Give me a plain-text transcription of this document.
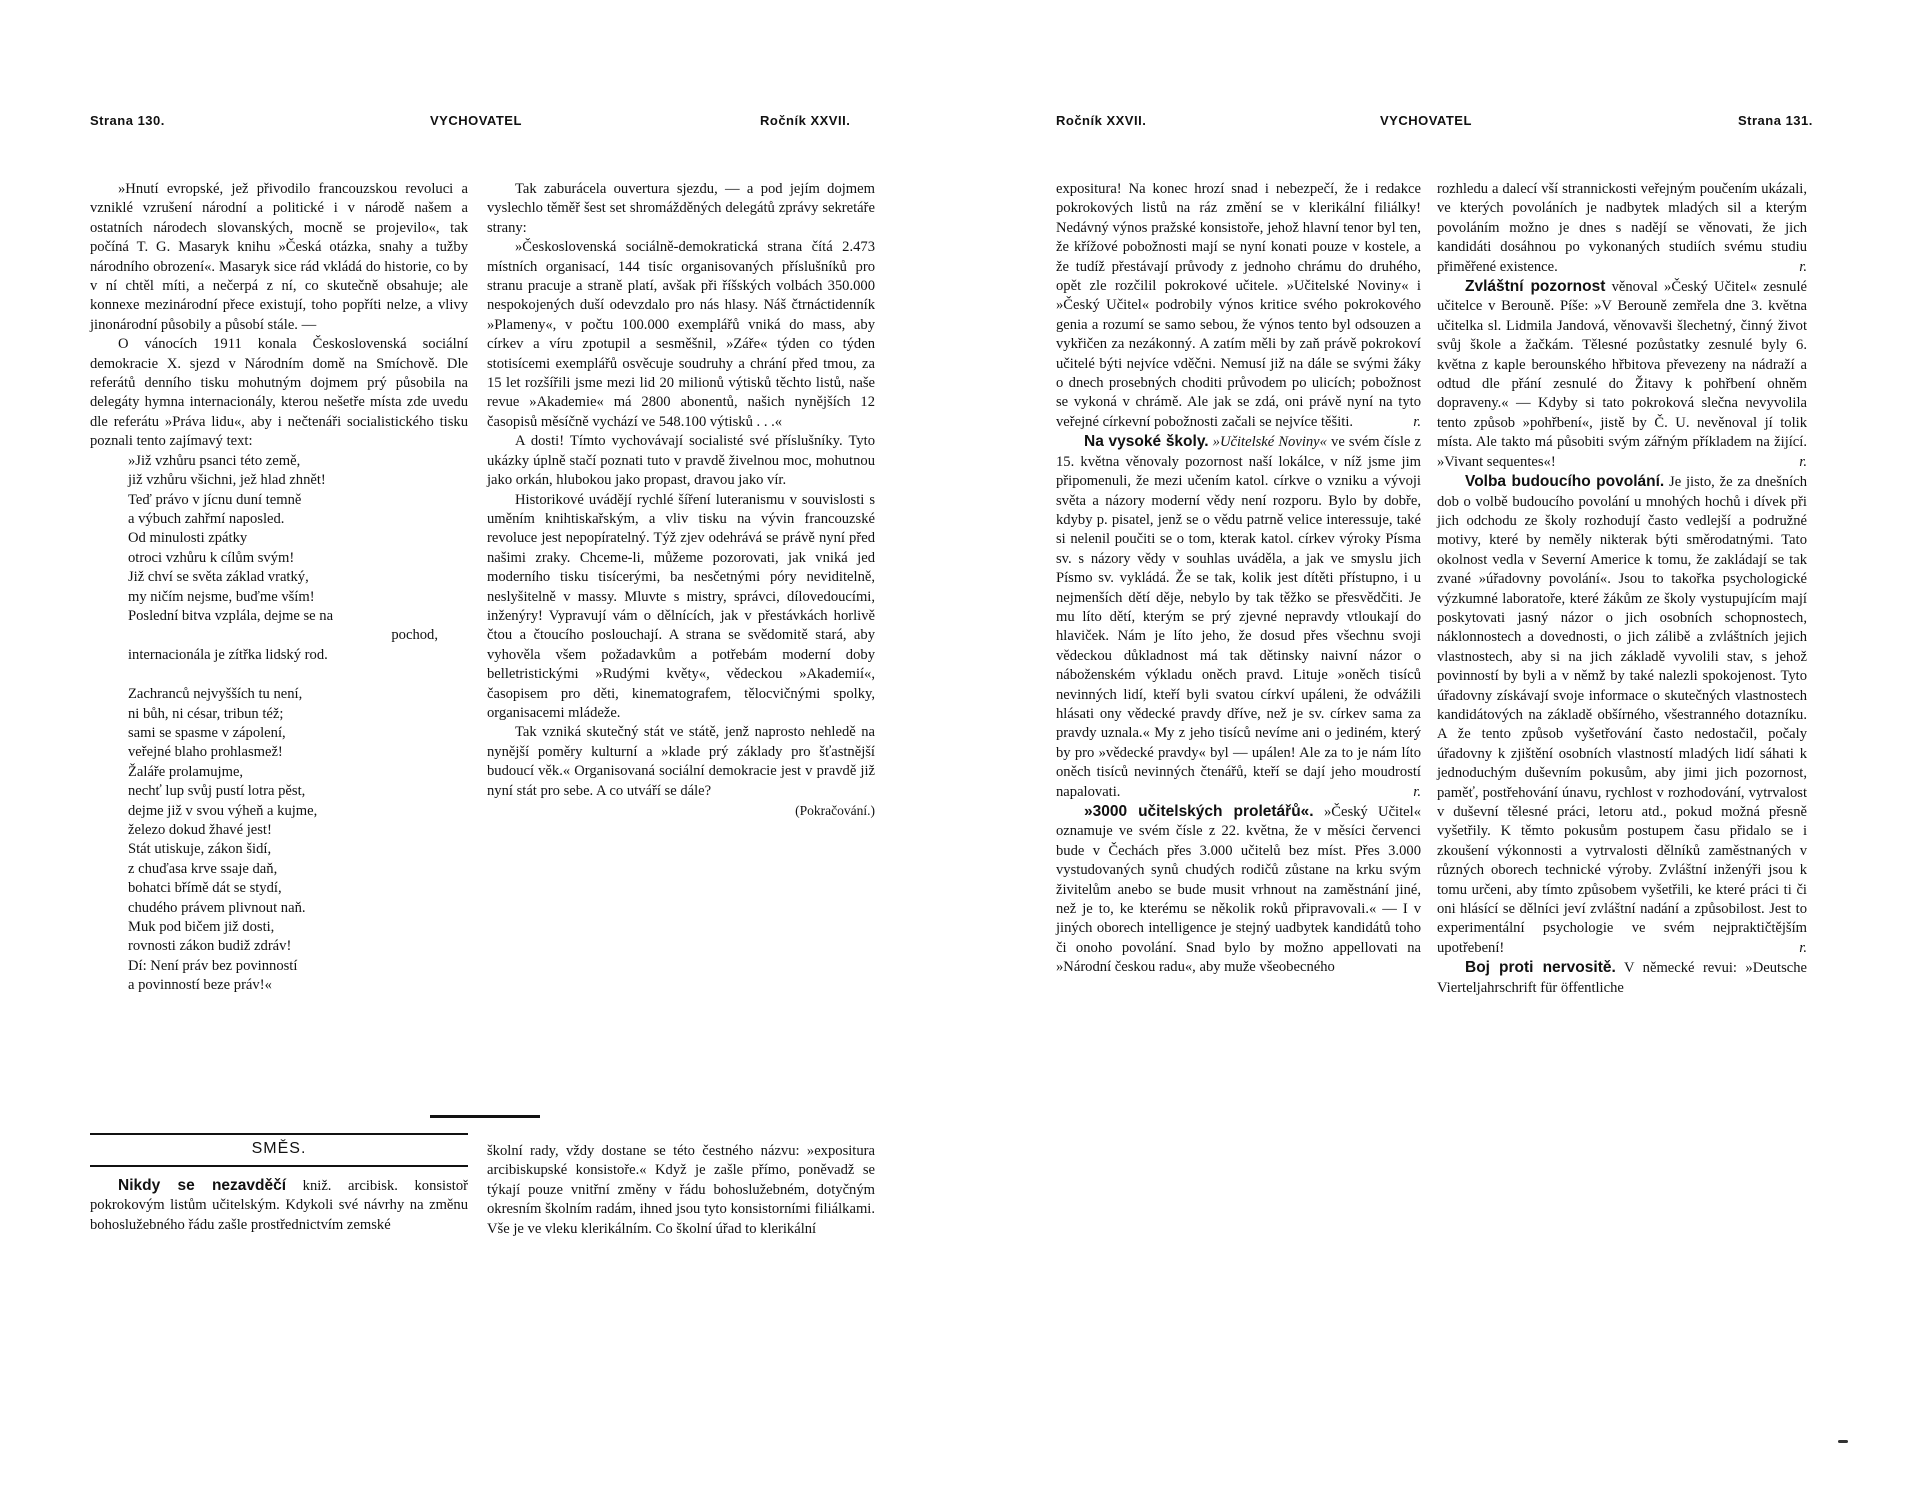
Strana 130.	VYCHOVATEL	Ročník XXVII.

»Hnutí evropské, jež přivodilo francouzskou revoluci a vzniklé vzrušení národní a politické i v národě našem a ostatních národech slovanských, mocně se projevilo«, tak počíná T. G. Masaryk knihu »Česká otázka, snahy a tužby národního obrození«. Masaryk sice rád vkládá do historie, co by v ní chtěl míti, a nečerpá z ní, co skutečně obsahuje; ale konnexe mezinárodní přece existují, toho popříti nelze, a vlivy jinonárodní působily a působí stále. —

O vánocích 1911 konala Československá sociální demokracie X. sjezd v Národním domě na Smíchově. Dle referátů denního tisku mohutným dojmem prý působila na delegáty hymna internacionály, kterou nešetře místa zde uvedu dle referátu »Práva lidu«, aby i nečtenáři socialistického tisku poznali tento zajímavý text:

»Již vzhůru psanci této země,
již vzhůru všichni, jež hlad zhnět!
Teď právo v jícnu duní temně
a výbuch zahřmí naposled.
Od minulosti zpátky
otroci vzhůru k cílům svým!
Již chví se světa základ vratký,
my ničím nejsme, buďme vším!
Poslední bitva vzplála, dejme se na
pochod,
internacionála je zítřka lidský rod.
Zachranců nejvyšších tu není,
ni bůh, ni césar, tribun též;
sami se spasme v zápolení,
veřejné blaho prohlasmež!
Žaláře prolamujme,
nechť lup svůj pustí lotra pěst,
dejme již v svou výheň a kujme,
železo dokud žhavé jest!
Stát utiskuje, zákon šidí,
z chuďasa krve ssaje daň,
bohatci břímě dát se stydí,
chudého právem plivnout naň.
Muk pod bičem již dosti,
rovnosti zákon budiž zdráv!
Dí: Není práv bez povinností
a povinností beze práv!«

Tak zaburácela ouvertura sjezdu, — a pod jejím dojmem vyslechlo těměř šest set shromážděných delegátů zprávy sekretáře strany:

»Československá sociálně-demokratická strana čítá 2.473 místních organisací, 144 tisíc organisovaných příslušníků pro stranu pracuje a straně platí, avšak při říšských volbách 350.000 nespokojených duší odevzdalo pro nás hlasy. Náš čtrnáctidenník »Plameny«, v počtu 100.000 exemplářů vniká do mass, aby církev a víru zpotupil a sesměšnil, »Záře« týden co týden stotisícemi exemplářů osvěcuje soudruhy a chrání před tmou, za 15 let rozšířili jsme mezi lid 20 milionů výtisků těchto listů, naše revue »Akademie« má 2800 abonentů, našich nynějších 12 časopisů měsíčně vychází ve 548.100 výtisků . . .«

A dosti! Tímto vychovávají socialisté své příslušníky. Tyto ukázky úplně stačí poznati tuto v pravdě živelnou moc, mohutnou jako orkán, hlubokou jako propast, dravou jako vír.

Historikové uvádějí rychlé šíření luteranismu v souvislosti s uměním knihtiskařským, a vliv tisku na vývin francouzské revoluce jest nepopíratelný. Týž zjev odehrává se právě nyní před našimi zraky. Chceme-li, můžeme pozorovati, jak vniká jed moderního tisku tisícerými, ba nesčetnými póry neviditelně, neslyšitelně v massy. Mluvte s mistry, správci, dílovedoucími, inženýry! Vypravují vám o dělnících, jak v přestávkách horlivě čtou a čtoucího poslouchají. A strana se svědomitě stará, aby vyhověla všem požadavkům a potřebám moderní doby belletristickými »Rudými květy«, vědeckou »Akademií«, časopisem pro děti, kinematografem, tělocvičnými spolky, organisacemi mládeže.

Tak vzniká skutečný stát ve státě, jenž naprosto nehledě na nynější poměry kulturní a »klade prý základy pro šťastnější budoucí věk.« Organisovaná sociální demokracie jest v pravdě již nyní stát pro sebe. A co utváří se dále?

(Pokračování.)
SMĚS.

Nikdy se nezavděčí kniž. arcibisk. konsistoř pokrokovým listům učitelským. Kdykoli své návrhy na změnu bohoslužebného řádu zašle prostřednictvím zemské

školní rady, vždy dostane se této čestného názvu: »expositura arcibiskupské konsistoře.« Když je zašle přímo, poněvadž se týkají pouze vnitřní změny v řádu bohoslužebném, dotyčným okresním školním radám, ihned jsou tyto konsistorními filiálkami. Vše je ve vleku klerikálním. Co školní úřad to klerikální

Ročník XXVII.	VYCHOVATEL	Strana 131.

expositura! Na konec hrozí snad i nebezpečí, že i redakce pokrokových listů na ráz změní se v klerikální filiálky! Nedávný výnos pražské konsistoře, jehož hlavní tenor byl ten, že křížové pobožnosti mají se nyní konati pouze v kostele, a že tudíž přestávají průvody z jednoho chrámu do druhého, opět zle rozčilil pokrokové učitele. »Učitelské Noviny« i »Český Učitel« podrobily výnos kritice svého pokrokového genia a rozumí se samo sebou, že výnos tento byl odsouzen a vykřičen za nezákonný. A zatím měli by zaň právě pokrokoví učitelé býti nejvíce vděčni. Nemusí již na dále se svými žáky o dnech prosebných choditi průvodem po ulicích; pobožnost se vykoná v chrámě. Ale jak se zdá, oni právě nyní na tyto veřejné církevní pobožnosti začali se nejvíce těšiti.	r.

Na vysoké školy. »Učitelské Noviny« ve svém čísle z 15. května věnovaly pozornost naší lokálce, v níž jsme jim připomenuli, že mezi učením katol. církve o vzniku a vývoji světa a názory moderní vědy není rozporu. Bylo by dobře, kdyby p. pisatel, jenž se o vědu patrně velice interessuje, také si nelenil poučiti se o tom, kterak katol. církev výroky Písma sv. s názory vědy v souhlas uváděla, a jak ve smyslu jich Písmo sv. vykládá. Že se tak, kolik jest dítěti přístupno, i u nejmenších dětí děje, nebylo by tak těžko se přesvědčiti. Je mu líto dětí, kterým se prý zjevné nepravdy vtloukají do hlaviček. Nám je líto jeho, že dosud přes všechnu svoji vědeckou důkladnost má tak dětinsky naivní názor o náboženském výkladu oněch pravd. Lituje »oněch tisíců nevinných lidí, kteří byli svatou církví upáleni, že odvážili hlásati ony vědecké pravdy dříve, než je sv. církev sama za pravdy uznala.« My z jeho tisíců nevíme ani o jediném, který by pro »vědecké pravdy« byl — upálen! Ale za to je nám líto oněch tisíců nevinných čtenářů, kteří se dají jeho moudrostí napalovati.	r.

»3000 učitelských proletářů«. »Český Učitel« oznamuje ve svém čísle z 22. května, že v měsíci červenci bude v Čechách přes 3.000 učitelů bez míst. Přes 3.000 vystudovaných synů chudých rodičů zůstane na krku svým živitelům anebo se bude musit vrhnout na zaměstnání jiné, než je to, ke kterému se několik roků připravovali.« — I v jiných oborech intelligence je stejný uadbytek kandidátů toho či onoho povolání. Snad bylo by možno appellovati na »Národní českou radu«, aby muže všeobecného

rozhledu a dalecí vší strannickosti veřejným poučením ukázali, ve kterých povoláních je nadbytek mladých sil a kterým povoláním možno je dnes s nadějí se věnovati, že jich kandidáti dosáhnou po vykonaných studiích svému studiu přiměřené existence.	r.

Zvláštní pozornost věnoval »Český Učitel« zesnulé učitelce v Berouně. Píše: »V Berouně zemřela dne 3. května učitelka sl. Lidmila Jandová, věnovavši šlechetný, činný život svůj škole a žačkám. Tělesné pozůstatky zesnulé byly 6. května z kaple berounského hřbitova převezeny na nádraží a odtud dle přání zesnulé do Žitavy k pohřbení ohněm dopraveny.« — Kdyby si tato pokroková slečna nevyvolila tento způsob »pohřbení«, jistě by Č. U. nevěnoval jí tolik místa. Ale takto má působiti svým zářným příkladem na žijící. »Vivant sequentes«!	r.

Volba budoucího povolání. Je jisto, že za dnešních dob o volbě budoucího povolání u mnohých hochů i dívek při jich odchodu ze školy rozhodují často vedlejší a podružné motivy, které by neměly nikterak býti směrodatnými. Tato okolnost vedla v Severní Americe k tomu, že zakládají se tak zvané »úřadovny povolání«. Jsou to takořka psychologické výzkumné laboratoře, které žákům ze školy vystupujícím mají poskytovati jasný názor o jich osobních schopnostech, náklonnostech a dovednosti, o jich zálibě a zvláštních jejich vlastnostech, aby si na jich základě vyvolili stav, s jehož povinností by byli a v němž by také nalezli spokojenost. Tyto úřadovny získávají svoje informace o skutečných vlastnostech kandidátových na základě obšírného, všestranného dotazníku. A že tento způsob vyšetřování často nedostačil, počaly úřadovny k zjištění osobních vlastností mladých lidí sáhati k jednoduchým duševním pokusům, aby jimi jich pozornost, paměť, postřehování únavu, rychlost v rozhodování, vytrvalost v duševní tělesné práci, letoru atd., pokud možná přesně vyšetřily. K těmto pokusům postupem času přidalo se i zkoušení výkonnosti a vytrvalosti dělníků zaměstnaných v různých oborech technické výroby. Zvláštní inženýři jsou k tomu určeni, aby tímto způsobem vyšetřili, ke které práci ti či oni hlásící se dělníci jeví zvláštní nadání a způsobilost. Jest to experimentální psychologie ve svém nejpraktičtějším upotřebení!	r.

Boj proti nervositě. V německé revui: »Deutsche Vierteljahrschrift für öffentliche
